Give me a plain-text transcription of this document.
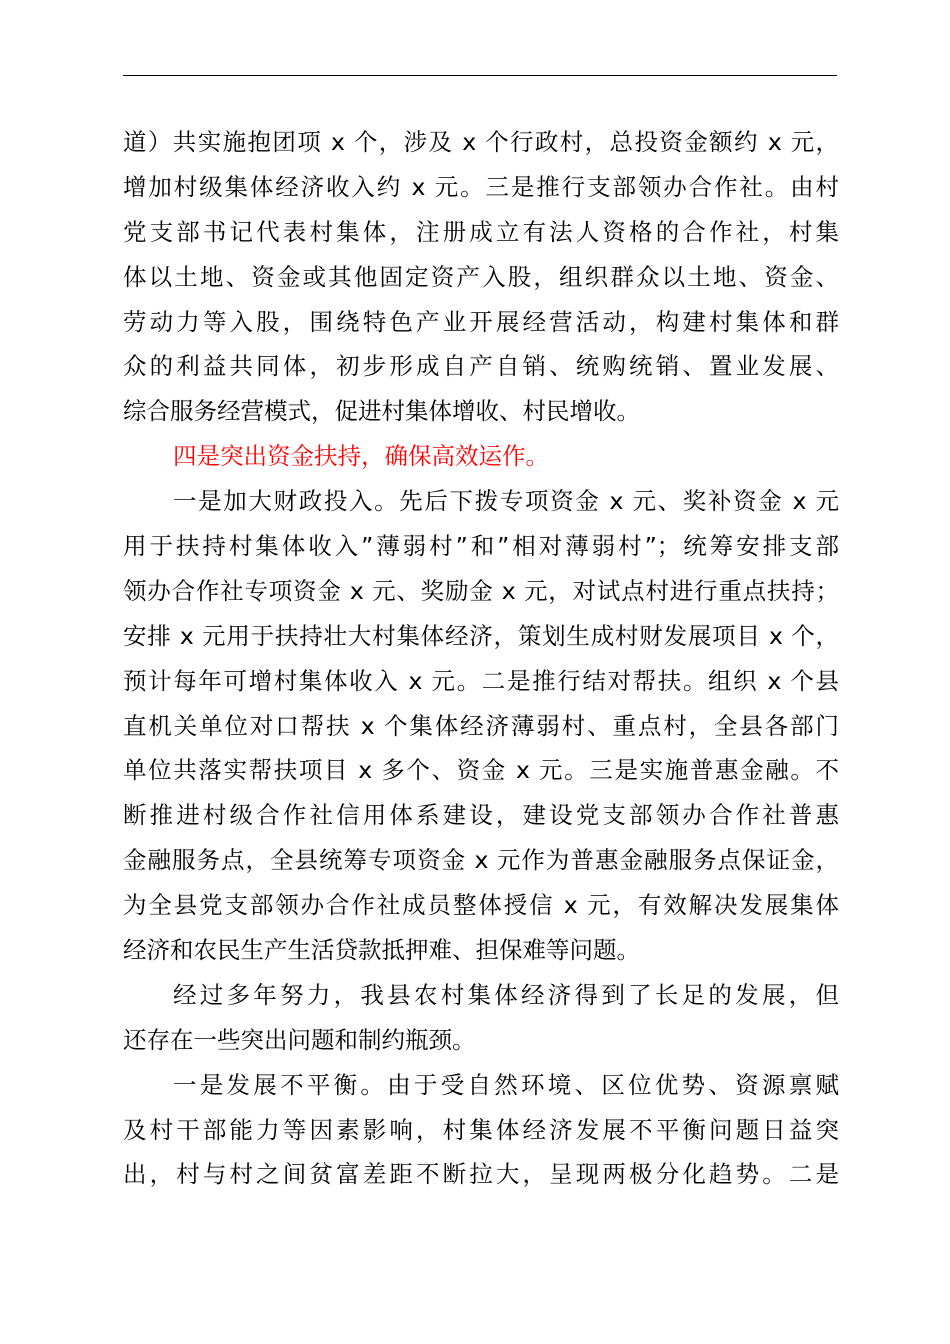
道）共实施抱团项 x 个，涉及 x 个行政村，总投资金额约 x 元，
增加村级集体经济收入约 x 元。三是推行支部领办合作社。由村
党支部书记代表村集体，注册成立有法人资格的合作社，村集
体以土地、资金或其他固定资产入股，组织群众以土地、资金、
劳动力等入股，围绕特色产业开展经营活动，构建村集体和群
众的利益共同体，初步形成自产自销、统购统销、置业发展、
综合服务经营模式，促进村集体增收、村民增收。
四是突出资金扶持，确保高效运作。
一是加大财政投入。先后下拨专项资金 x 元、奖补资金 x 元
用于扶持村集体收入”薄弱村”和”相对薄弱村”；统筹安排支部
领办合作社专项资金 x 元、奖励金 x 元，对试点村进行重点扶持；
安排 x 元用于扶持壮大村集体经济，策划生成村财发展项目 x 个，
预计每年可增村集体收入 x 元。二是推行结对帮扶。组织 x 个县
直机关单位对口帮扶 x 个集体经济薄弱村、重点村，全县各部门
单位共落实帮扶项目 x 多个、资金 x 元。三是实施普惠金融。不
断推进村级合作社信用体系建设，建设党支部领办合作社普惠
金融服务点，全县统筹专项资金 x 元作为普惠金融服务点保证金，
为全县党支部领办合作社成员整体授信 x 元，有效解决发展集体
经济和农民生产生活贷款抵押难、担保难等问题。
经过多年努力，我县农村集体经济得到了长足的发展，但
还存在一些突出问题和制约瓶颈。
一是发展不平衡。由于受自然环境、区位优势、资源禀赋
及村干部能力等因素影响，村集体经济发展不平衡问题日益突
出，村与村之间贫富差距不断拉大，呈现两极分化趋势。二是
